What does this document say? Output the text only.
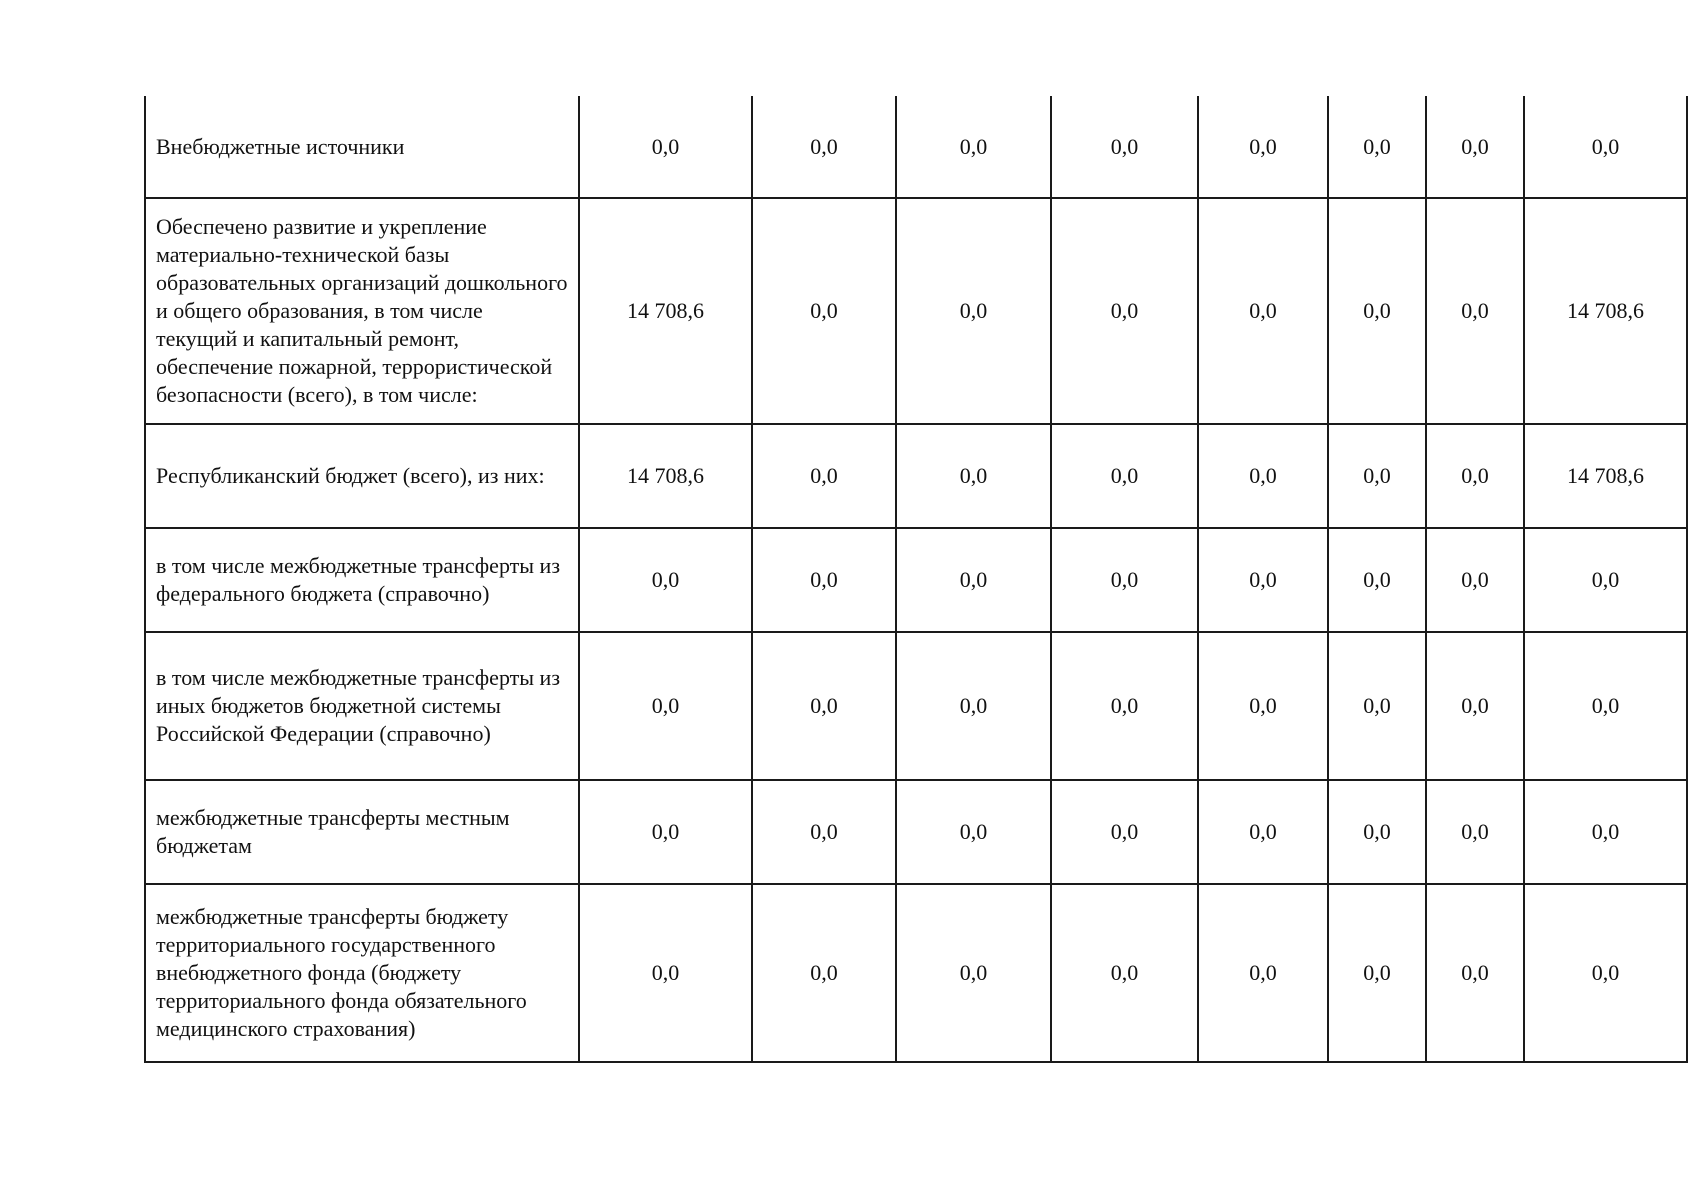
Внебюджетные источники	0,0	0,0	0,0	0,0	0,0	0,0	0,0	0,0
Обеспечено развитие и укрепление материально-технической базы образовательных организаций дошкольного и общего образования, в том числе текущий и капитальный ремонт, обеспечение пожарной, террористической безопасности (всего), в том числе:	14 708,6	0,0	0,0	0,0	0,0	0,0	0,0	14 708,6
Республиканский бюджет (всего), из них:	14 708,6	0,0	0,0	0,0	0,0	0,0	0,0	14 708,6
в том числе межбюджетные трансферты из федерального бюджета (справочно)	0,0	0,0	0,0	0,0	0,0	0,0	0,0	0,0
в том числе межбюджетные трансферты из иных бюджетов бюджетной системы Российской Федерации (справочно)	0,0	0,0	0,0	0,0	0,0	0,0	0,0	0,0
межбюджетные трансферты местным бюджетам	0,0	0,0	0,0	0,0	0,0	0,0	0,0	0,0
межбюджетные трансферты бюджету территориального государственного внебюджетного фонда (бюджету территориального фонда обязательного медицинского страхования)	0,0	0,0	0,0	0,0	0,0	0,0	0,0	0,0
